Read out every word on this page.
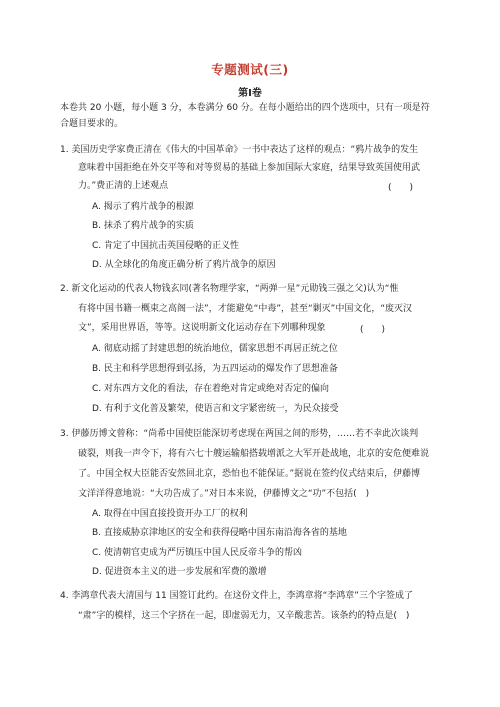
专题测试(三)
第Ⅰ卷
本卷共 20 小题，每小题 3 分，本卷满分 60 分。在每小题给出的四个选项中，只有一项是符
合题目要求的。
1. 美国历史学家费正清在《伟大的中国革命》一书中表达了这样的观点：“鸦片战争的发生
意味着中国拒绝在外交平等和对等贸易的基础上参加国际大家庭，结果导致英国使用武
力。”费正清的上述观点	(　　)
A. 揭示了鸦片战争的根源
B. 抹杀了鸦片战争的实质
C. 肯定了中国抗击英国侵略的正义性
D. 从全球化的角度正确分析了鸦片战争的原因
2. 新文化运动的代表人物钱玄同(著名物理学家，“两弹一星”元勋钱三强之父)认为“惟
有将中国书籍一概束之高阁一法”，才能避免“中毒”，甚至“剿灭”中国文化，“废灭汉
文”，采用世界语，等等。这说明新文化运动存在下列哪种现象	(　　)
A. 彻底动摇了封建思想的统治地位，儒家思想不再居正统之位
B. 民主和科学思想得到弘扬，为五四运动的爆发作了思想准备
C. 对东西方文化的看法，存在着绝对肯定或绝对否定的偏向
D. 有利于文化普及繁荣，使语言和文字紧密统一，为民众接受
3. 伊藤历博文曾称：“尚希中国使臣能深切考虑现在两国之间的形势，……若不幸此次谈判
破裂，则我一声令下，将有六七十艘运输船搭载增派之大军开赴战地，北京的安危便难说
了。中国全权大臣能否安然回北京，恐怕也不能保证。”据说在签约仪式结束后，伊藤博
文洋洋得意地说：“大功告成了。”对日本来说，伊藤博文之“功”不包括(　)
A. 取得在中国直接投资开办工厂的权利
B. 直接威胁京津地区的安全和获得侵略中国东南沿海各省的基地
C. 使清朝官吏成为严厉镇压中国人民反帝斗争的帮凶
D. 促进资本主义的进一步发展和军费的激增
4. 李鸿章代表大清国与 11 国签订此约。在这份文件上，李鸿章将“李鸿章”三个字签成了
“肃”字的模样，这三个字挤在一起，即虚弱无力，又辛酸悲苦。该条约的特点是(　)
